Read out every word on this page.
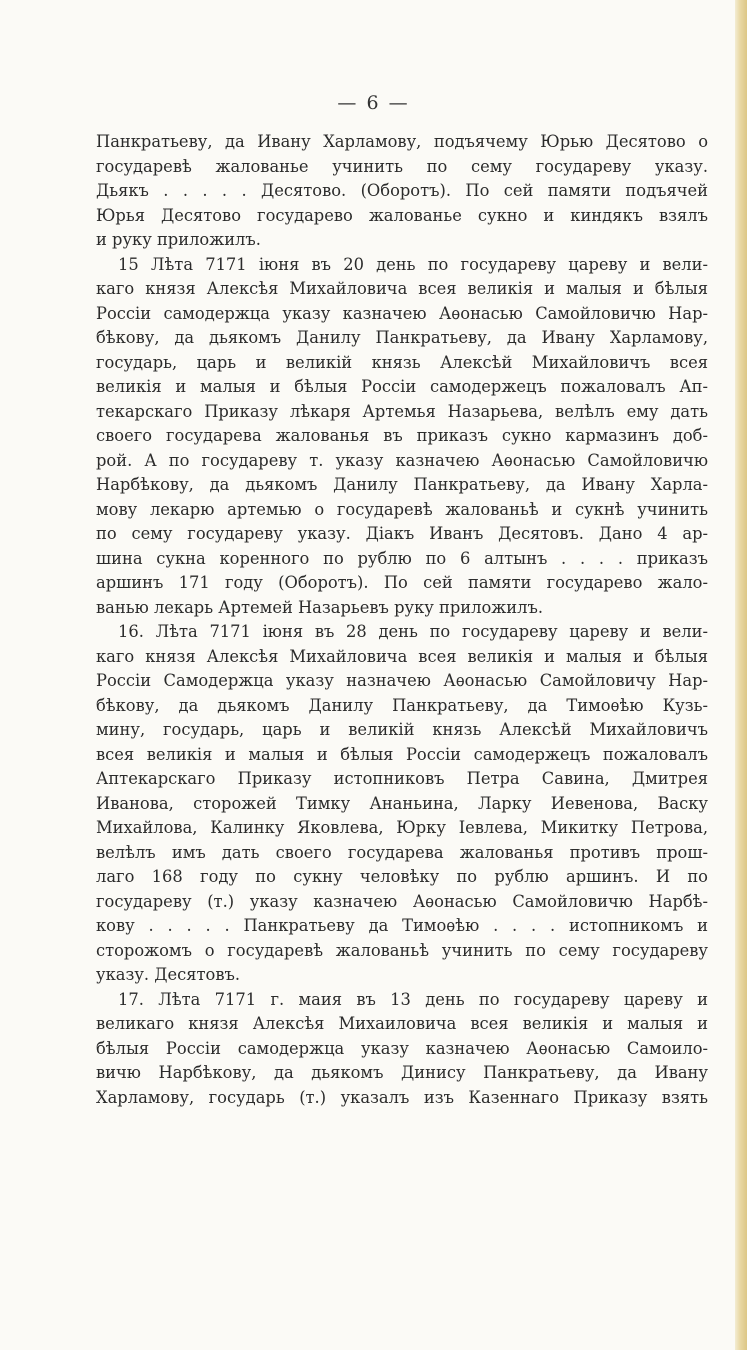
— 6 —
Панкратьеву, да Ивану Харламову, подъячему Юрью Десятово о
государевѣ жалованье учинить по сему государеву указу.
Дьякъ . . . . . Десятово. (Оборотъ). По сей памяти подъячей
Юрья Десятово государево жалованье сукно и киндякъ взялъ
и руку приложилъ.
15 Лѣта 7171 іюня въ 20 день по государеву цареву и вели-
каго князя Алексѣя Михайловича всея великія и малыя и бѣлыя
Россіи самодержца указу казначею Аѳонасью Самойловичю Нар-
бѣкову, да дьякомъ Данилу Панкратьеву, да Ивану Харламову,
государь, царь и великій князь Алексѣй Михайловичъ всея
великія и малыя и бѣлыя Россіи самодержецъ пожаловалъ Ап-
текарскаго Приказу лѣкаря Артемья Назарьева, велѣлъ ему дать
своего государева жалованья въ приказъ сукно кармазинъ доб-
рой. А по государеву т. указу казначею Аѳонасью Самойловичю
Нарбѣкову, да дьякомъ Данилу Панкратьеву, да Ивану Харла-
мову лекарю артемью о государевѣ жалованьѣ и сукнѣ учинить
по сему государеву указу. Діакъ Иванъ Десятовъ. Дано 4 ар-
шина сукна коренного по рублю по 6 алтынъ . . . . приказъ
аршинъ 171 году (Оборотъ). По сей памяти государево жало-
ванью лекарь Артемей Назарьевъ руку приложилъ.
16. Лѣта 7171 іюня въ 28 день по государеву цареву и вели-
каго князя Алексѣя Михайловича всея великія и малыя и бѣлыя
Россіи Самодержца указу назначею Аѳонасью Самойловичу Нар-
бѣкову, да дьякомъ Данилу Панкратьеву, да Тимоѳѣю Кузь-
мину, государь, царь и великій князь Алексѣй Михайловичъ
всея великія и малыя и бѣлыя Россіи самодержецъ пожаловалъ
Аптекарскаго Приказу истопниковъ Петра Савина, Дмитрея
Иванова, сторожей Тимку Ананьина, Ларку Иевенова, Васку
Михайлова, Калинку Яковлева, Юрку Іевлева, Микитку Петрова,
велѣлъ имъ дать своего государева жалованья противъ прош-
лаго 168 году по сукну человѣку по рублю аршинъ. И по
государеву (т.) указу казначею Аѳонасью Самойловичю Нарбѣ-
кову . . . . . Панкратьеву да Тимоѳѣю . . . . истопникомъ и
сторожомъ о государевѣ жалованьѣ учинить по сему государеву
указу. Десятовъ.
17. Лѣта 7171 г. маия въ 13 день по государеву цареву и
великаго князя Алексѣя Михаиловича всея великія и малыя и
бѣлыя Россіи самодержца указу казначею Аѳонасью Самоило-
вичю Нарбѣкову, да дьякомъ Динису Панкратьеву, да Ивану
Харламову, государь (т.) указалъ изъ Казеннаго Приказу взять
